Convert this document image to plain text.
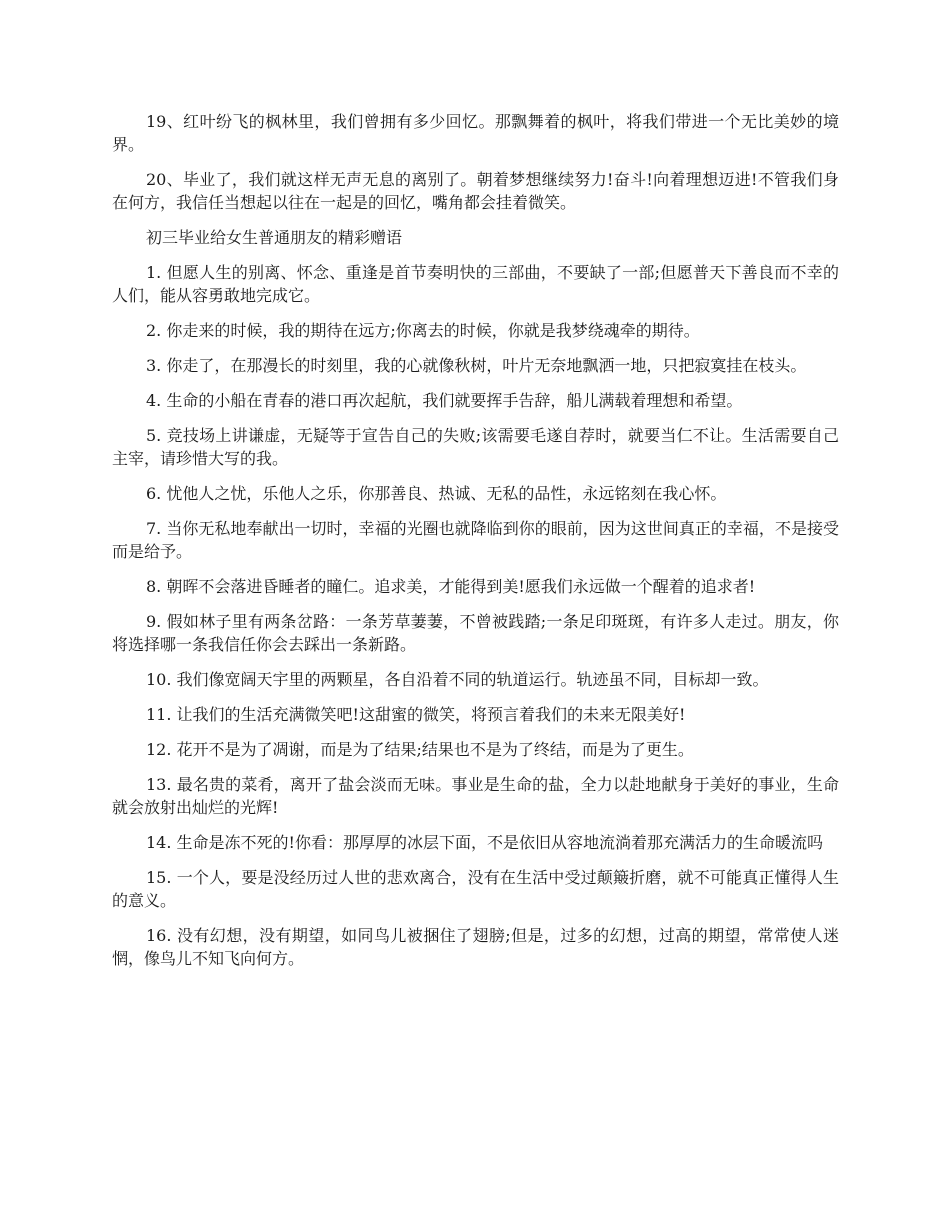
19、红叶纷飞的枫林里，我们曾拥有多少回忆。那飘舞着的枫叶，将我们带进一个无比美妙的境界。

20、毕业了，我们就这样无声无息的离别了。朝着梦想继续努力!奋斗!向着理想迈进!不管我们身在何方，我信任当想起以往在一起是的回忆，嘴角都会挂着微笑。

初三毕业给女生普通朋友的精彩赠语

1. 但愿人生的别离、怀念、重逢是首节奏明快的三部曲，不要缺了一部;但愿普天下善良而不幸的人们，能从容勇敢地完成它。

2. 你走来的时候，我的期待在远方;你离去的时候，你就是我梦绕魂牵的期待。

3. 你走了，在那漫长的时刻里，我的心就像秋树，叶片无奈地飘洒一地，只把寂寞挂在枝头。

4. 生命的小船在青春的港口再次起航，我们就要挥手告辞，船儿满载着理想和希望。

5. 竞技场上讲谦虚，无疑等于宣告自己的失败;该需要毛遂自荐时，就要当仁不让。生活需要自己主宰，请珍惜大写的我。

6. 忧他人之忧，乐他人之乐，你那善良、热诚、无私的品性，永远铭刻在我心怀。

7. 当你无私地奉献出一切时，幸福的光圈也就降临到你的眼前，因为这世间真正的幸福，不是接受而是给予。

8. 朝晖不会落进昏睡者的瞳仁。追求美，才能得到美!愿我们永远做一个醒着的追求者!

9. 假如林子里有两条岔路：一条芳草萋萋，不曾被践踏;一条足印斑斑，有许多人走过。朋友，你将选择哪一条我信任你会去踩出一条新路。

10. 我们像宽阔天宇里的两颗星，各自沿着不同的轨道运行。轨迹虽不同，目标却一致。

11. 让我们的生活充满微笑吧!这甜蜜的微笑，将预言着我们的未来无限美好!

12. 花开不是为了凋谢，而是为了结果;结果也不是为了终结，而是为了更生。

13. 最名贵的菜肴，离开了盐会淡而无味。事业是生命的盐，全力以赴地献身于美好的事业，生命就会放射出灿烂的光辉!

14. 生命是冻不死的!你看：那厚厚的冰层下面，不是依旧从容地流淌着那充满活力的生命暖流吗

15. 一个人，要是没经历过人世的悲欢离合，没有在生活中受过颠簸折磨，就不可能真正懂得人生的意义。

16. 没有幻想，没有期望，如同鸟儿被捆住了翅膀;但是，过多的幻想，过高的期望，常常使人迷惘，像鸟儿不知飞向何方。
